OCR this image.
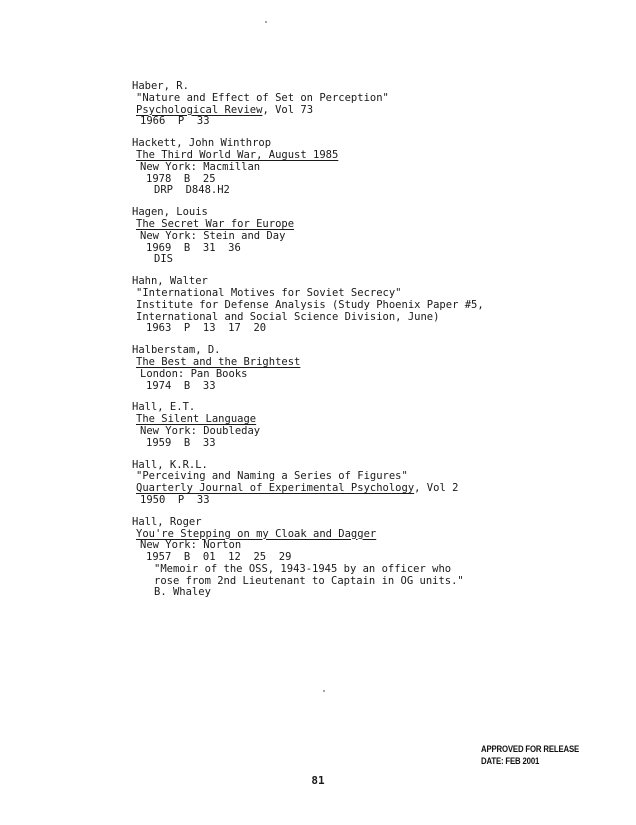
Haber, R.
"Nature and Effect of Set on Perception"
Psychological Review, Vol 73
1966  P  33
Hackett, John Winthrop
The Third World War, August 1985
New York: Macmillan
1978  B  25
DRP  D848.H2
Hagen, Louis
The Secret War for Europe
New York: Stein and Day
1969  B  31  36
DIS
Hahn, Walter
"International Motives for Soviet Secrecy"
Institute for Defense Analysis (Study Phoenix Paper #5,
International and Social Science Division, June)
1963  P  13  17  20
Halberstam, D.
The Best and the Brightest
London: Pan Books
1974  B  33
Hall, E.T.
The Silent Language
New York: Doubleday
1959  B  33
Hall, K.R.L.
"Perceiving and Naming a Series of Figures"
Quarterly Journal of Experimental Psychology, Vol 2
1950  P  33
Hall, Roger
You're Stepping on my Cloak and Dagger
New York: Norton
1957  B  01  12  25  29
"Memoir of the OSS, 1943-1945 by an officer who
rose from 2nd Lieutenant to Captain in OG units."
B. Whaley
APPROVED FOR RELEASE
DATE: FEB 2001
81
